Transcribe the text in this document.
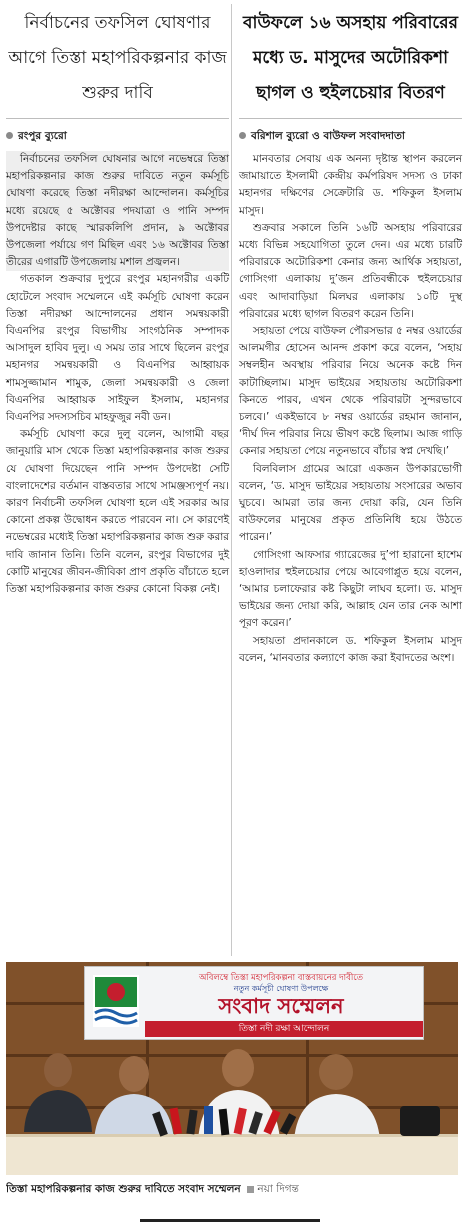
নির্বাচনের তফসিল ঘোষণার আগে তিস্তা মহাপরিকল্পনার কাজ শুরুর দাবি
রংপুর ব্যুরো

নির্বাচনের তফসিল ঘোষনার আগে নভেম্বরে তিস্তা মহাপরিকল্পনার কাজ শুরুর দাবিতে নতুন কর্মসূচি ঘোষণা করেছে তিস্তা নদীরক্ষা আন্দোলন। কর্মসূচির মধ্যে রয়েছে ৫ অক্টোবর পদযাত্রা ও পানি সম্পদ উপদেষ্টার কাছে স্মারকলিপি প্রদান, ৯ অক্টোবর উপজেলা পর্যায়ে গণ মিছিল এবং ১৬ অক্টোবর তিস্তা তীরের এগারটি উপজেলায় মশাল প্রজ্বলন।

গতকাল শুক্রবার দুপুরে রংপুর মহানগরীর একটি হোটেলে সংবাদ সম্মেলনে এই কর্মসূচি ঘোষণা করেন তিস্তা নদীরক্ষা আন্দোলনের প্রধান সমন্বয়কারী বিএনপির রংপুর বিভাগীয় সাংগঠনিক সম্পাদক আসাদুল হাবিব দুলু। এ সময় তার সাথে ছিলেন রংপুর মহানগর সমন্বয়কারী ও বিএনপির আহ্বায়ক শামসুজ্জামান শামুক, জেলা সমন্বয়কারী ও জেলা বিএনপির আহ্বায়ক সাইফুল ইসলাম, মহানগর বিএনপির সদস্যসচিব মাহফুজুর নবী ডন।

কর্মসূচি ঘোষণা করে দুলু বলেন, আগামী বছর জানুয়ারি মাস থেকে তিস্তা মহাপরিকল্পনার কাজ শুরুর যে ঘোষণা দিয়েছেন পানি সম্পদ উপদেষ্টা সেটি বাংলাদেশের বর্তমান বাস্তবতার সাথে সামঞ্জস্যপূর্ণ নয়। কারণ নির্বাচনী তফসিল ঘোষণা হলে এই সরকার আর কোনো প্রকল্প উদ্বোধন করতে পারবেন না। সে কারণেই নভেম্বরের মধ্যেই তিস্তা মহাপরিকল্পনার কাজ শুরু করার দাবি জানান তিনি। তিনি বলেন, রংপুর বিভাগের দুই কোটি মানুষের জীবন-জীবিকা প্রাণ প্রকৃতি বাঁচাতে হলে তিস্তা মহাপরিকল্পনার কাজ শুরুর কোনো বিকল্প নেই।

বাউফলে ১৬ অসহায় পরিবারের মধ্যে ড. মাসুদের অটোরিকশা ছাগল ও হুইলচেয়ার বিতরণ
বরিশাল ব্যুরো ও বাউফল সংবাদদাতা

মানবতার সেবায় এক অনন্য দৃষ্টান্ত স্থাপন করলেন জামায়াতে ইসলামী কেন্দ্রীয় কর্মপরিষদ সদস্য ও ঢাকা মহানগর দক্ষিণের সেক্রেটারি ড. শফিকুল ইসলাম মাসুদ।

শুক্রবার সকালে তিনি ১৬টি অসহায় পরিবারের মধ্যে বিভিন্ন সহযোগিতা তুলে দেন। এর মধ্যে চারটি পরিবারকে অটোরিকশা কেনার জন্য আর্থিক সহায়তা, গোসিংগা এলাকায় দু’জন প্রতিবন্ধীকে হুইলচেয়ার এবং আদাবাড়িয়া মিলঘর এলাকায় ১০টি দুস্থ পরিবারের মধ্যে ছাগল বিতরণ করেন তিনি।

সহায়তা পেয়ে বাউফল পৌরসভার ৫ নম্বর ওয়ার্ডের আলমগীর হোসেন আনন্দ প্রকাশ করে বলেন, ‘সহায় সম্বলহীন অবস্থায় পরিবার নিয়ে অনেক কষ্টে দিন কাটাচ্ছিলাম। মাসুদ ভাইয়ের সহায়তায় অটোরিকশা কিনতে পারব, এখন থেকে পরিবারটা সুন্দরভাবে চলবে।’ একইভাবে ৮ নম্বর ওয়ার্ডের রহমান জানান, ‘দীর্ঘ দিন পরিবার নিয়ে ভীষণ কষ্টে ছিলাম। আজ গাড়ি কেনার সহায়তা পেয়ে নতুনভাবে বাঁচার স্বপ্ন দেখছি।’

বিলবিলাস গ্রামের আরো একজন উপকারভোগী বলেন, ‘ড. মাসুদ ভাইয়ের সহায়তায় সংসারের অভাব ঘুচবে। আমরা তার জন্য দোয়া করি, যেন তিনি বাউফলের মানুষের প্রকৃত প্রতিনিধি হয়ে উঠতে পারেন।’

গোসিংগা আফসার গ্যারেজের দু’পা হারানো হাশেম হাওলাদার হুইলচেয়ার পেয়ে আবেগাপ্লুত হয়ে বলেন, ‘আমার চলাফেরার কষ্ট কিছুটা লাঘব হলো। ড. মাসুদ ভাইয়ের জন্য দোয়া করি, আল্লাহ যেন তার নেক আশা পূরণ করেন।’

সহায়তা প্রদানকালে ড. শফিকুল ইসলাম মাসুদ বলেন, ‘মানবতার কল্যাণে কাজ করা ইবাদতের অংশ।

অবিলম্বে তিস্তা মহাপরিকল্পনা বাস্তবায়নের দাবীতে
নতুন কর্মসূচী ঘোষণা উপলক্ষে
সংবাদ সম্মেলন
তিস্তা নদী রক্ষা আন্দোলন
তিস্তা মহাপরিকল্পনার কাজ শুরুর দাবিতে সংবাদ সম্মেলন নয়া দিগন্ত
